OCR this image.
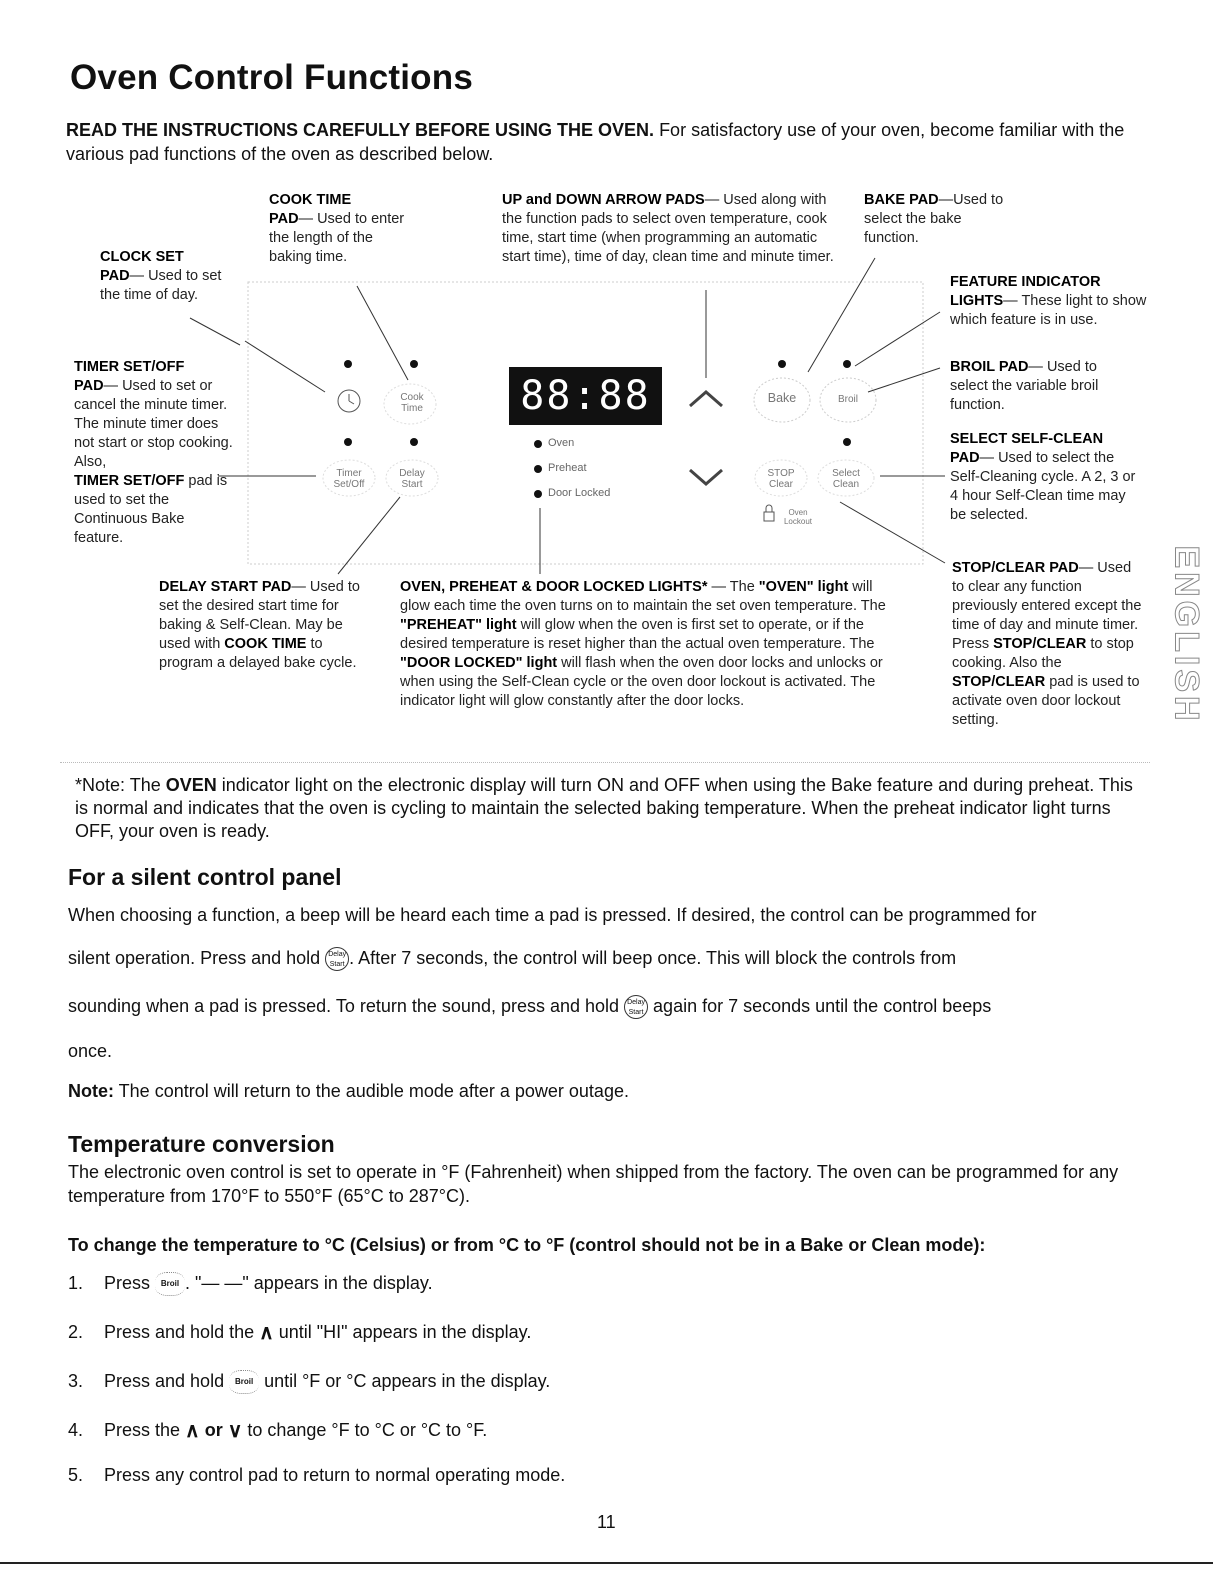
Oven Control Functions
READ THE INSTRUCTIONS CAREFULLY BEFORE USING THE OVEN. For satisfactory use of your oven, become familiar with the various pad functions of the oven as described below.
88:88
Cook Time
Bake	Broil
Timer Set/Off
Delay Start
STOP Clear
Select Clean
Oven Lockout
Oven
Preheat
Door Locked
CLOCK SET
PAD— Used to set the time of day.
COOK TIME
PAD— Used to enter the length of the baking time.
UP and DOWN ARROW PADS— Used along with the function pads to select oven temperature, cook time, start time (when programming an automatic start time), time of day, clean time and minute timer.
BAKE PAD—Used to select the bake function.
FEATURE INDICATOR
LIGHTS— These light to show which feature is in use.
TIMER SET/OFF
PAD— Used to set or cancel the minute timer. The minute timer does not start or stop cooking. Also,
TIMER SET/OFF pad is used to set the Continuous Bake feature.
BROIL PAD— Used to select the variable broil function.
SELECT SELF-CLEAN
PAD— Used to select the Self-Cleaning cycle. A 2, 3 or 4 hour Self-Clean time may be selected.
STOP/CLEAR PAD— Used to clear any function previously entered except the time of day and minute timer. Press STOP/CLEAR to stop cooking. Also the STOP/CLEAR pad is used to activate oven door lockout setting.
DELAY START PAD— Used to set the desired start time for baking & Self-Clean. May be used with COOK TIME to program a delayed bake cycle.
OVEN, PREHEAT & DOOR LOCKED LIGHTS* — The "OVEN" light will glow each time the oven turns on to maintain the set oven temperature. The "PREHEAT" light will glow when the oven is first set to operate, or if the desired temperature is reset higher than the actual oven temperature. The "DOOR LOCKED" light will flash when the oven door locks and unlocks or when using the Self-Clean cycle or the oven door lockout is activated. The indicator light will glow constantly after the door locks.
*Note: The OVEN indicator light on the electronic display will turn ON and OFF when using the Bake feature and during preheat. This is normal and indicates that the oven is cycling to maintain the selected baking temperature. When the preheat indicator light turns OFF, your oven is ready.
For a silent control panel
When choosing a function, a beep will be heard each time a pad is pressed. If desired, the control can be programmed for
silent operation. Press and hold Delay Start . After 7 seconds, the control will beep once. This will block the controls from
sounding when a pad is pressed. To return the sound, press and hold Delay Start again for 7 seconds until the control beeps
once.
Note: The control will return to the audible mode after a power outage.
Temperature conversion
The electronic oven control is set to operate in °F (Fahrenheit) when shipped from the factory. The oven can be programmed for any temperature from 170°F to 550°F (65°C to 287°C).
To change the temperature to °C (Celsius) or from °C to °F (control should not be in a Bake or Clean mode):
1. Press Broil . "— —" appears in the display.
2. Press and hold the ∧ until "HI" appears in the display.
3. Press and hold Broil until °F or °C appears in the display.
4. Press the ∧ or ∨ to change °F to °C or °C to °F.
5. Press any control pad to return to normal operating mode.
11
ENGLISH
